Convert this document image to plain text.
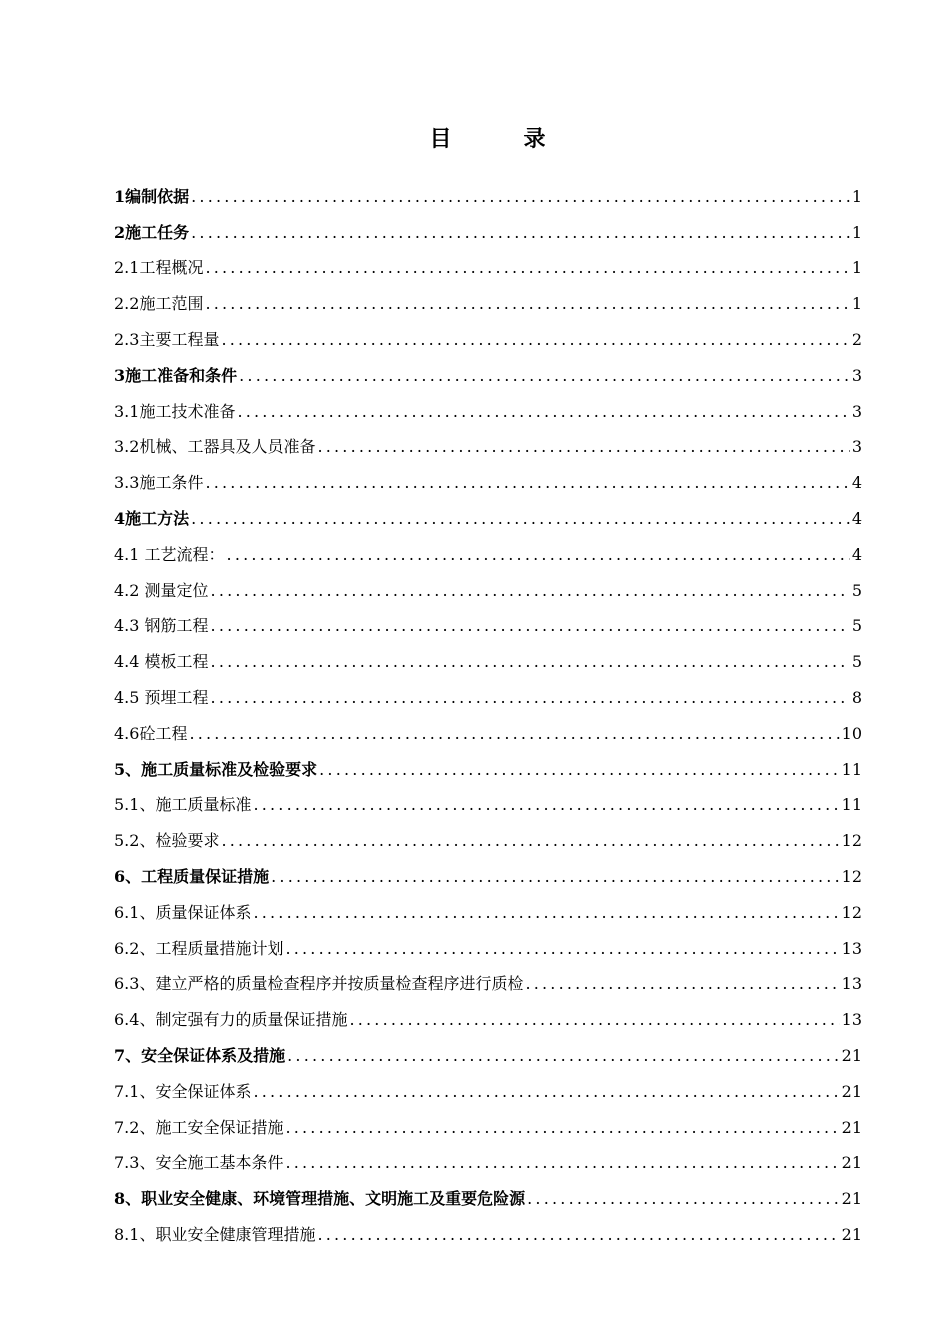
目	录
1编制依据 .....	1
2施工任务 .....	1
2.1工程概况 .....	1
2.2施工范围 .....	1
2.3主要工程量 .....	2
3施工准备和条件 .....	3
3.1施工技术准备 .....	3
3.2机械、工器具及人员准备 .....	3
3.3施工条件 .....	4
4施工方法 .....	4
4.1 工艺流程： .....	4
4.2 测量定位 .....	5
4.3 钢筋工程 .....	5
4.4 模板工程 .....	5
4.5 预埋工程 .....	8
4.6砼工程 .....	10
5、施工质量标准及检验要求 .....	11
5.1、施工质量标准 .....	11
5.2、检验要求 .....	12
6、工程质量保证措施 .....	12
6.1、质量保证体系 .....	12
6.2、工程质量措施计划 .....	13
6.3、建立严格的质量检查程序并按质量检查程序进行质检 .....	13
6.4、制定强有力的质量保证措施 .....	13
7、安全保证体系及措施 .....	21
7.1、安全保证体系 .....	21
7.2、施工安全保证措施 .....	21
7.3、安全施工基本条件 .....	21
8、职业安全健康、环境管理措施、文明施工及重要危险源 .....	21
8.1、职业安全健康管理措施 .....	21
